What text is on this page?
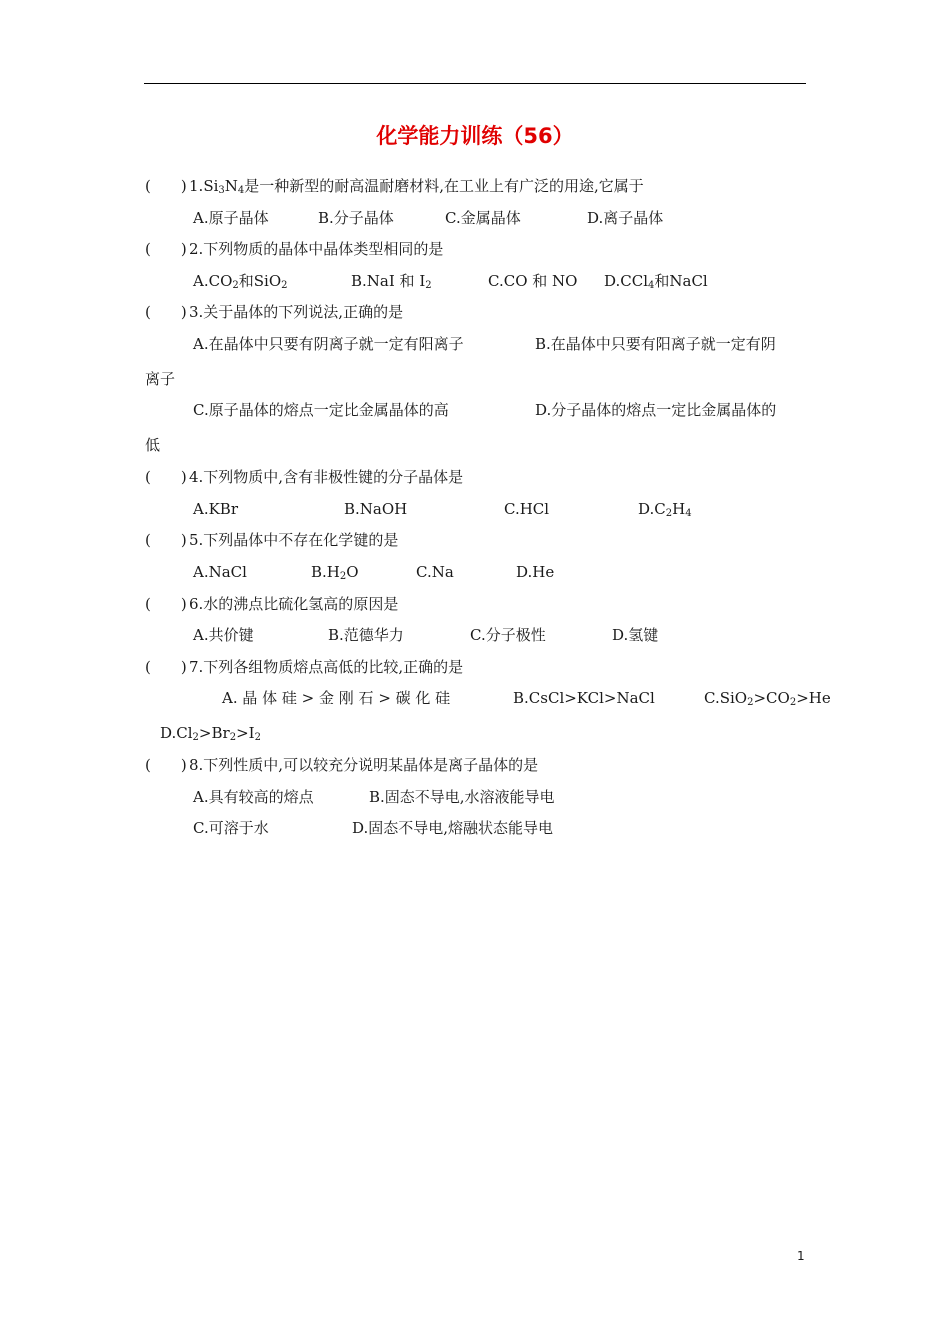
化学能力训练（56）
(　　) $1.Si_3N_4$是一种新型的耐高温耐磨材料,在工业上有广泛的用途,它属于
A.原子晶体	B.分子晶体	C.金属晶体	D.离子晶体
(　　) 2.下列物质的晶体中晶体类型相同的是
$A.CO_2$和SiO$_2$	B.NaI 和 $I_2$	C.CO 和 NO D.CCl$_4$和NaCl
(　　) 3.关于晶体的下列说法,正确的是
A.在晶体中只要有阴离子就一定有阳离子	B.在晶体中只要有阳离子就一定有阴
离子
C.原子晶体的熔点一定比金属晶体的高	D.分子晶体的熔点一定比金属晶体的
低
(　　) 4.下列物质中,含有非极性键的分子晶体是
A.KBr	B.NaOH	C.HCl	$D.C_2H_4$
(　　) 5.下列晶体中不存在化学键的是
A.NaCl	$B.H_2O$	C.Na	D.He
(　　) 6.水的沸点比硫化氢高的原因是
A.共价键	B.范德华力	C.分子极性	D.氢键
(　　) 7.下列各组物质熔点高低的比较,正确的是
A. 晶 体 硅 > 金 刚 石 > 碳 化 硅	B.CsCl>KCl>NaCl	$C.SiO_2>CO_2>He$
$D.Cl_2>Br_2>I_2$
(　　) 8.下列性质中,可以较充分说明某晶体是离子晶体的是
A.具有较高的熔点	B.固态不导电,水溶液能导电
C.可溶于水	D.固态不导电,熔融状态能导电
1
